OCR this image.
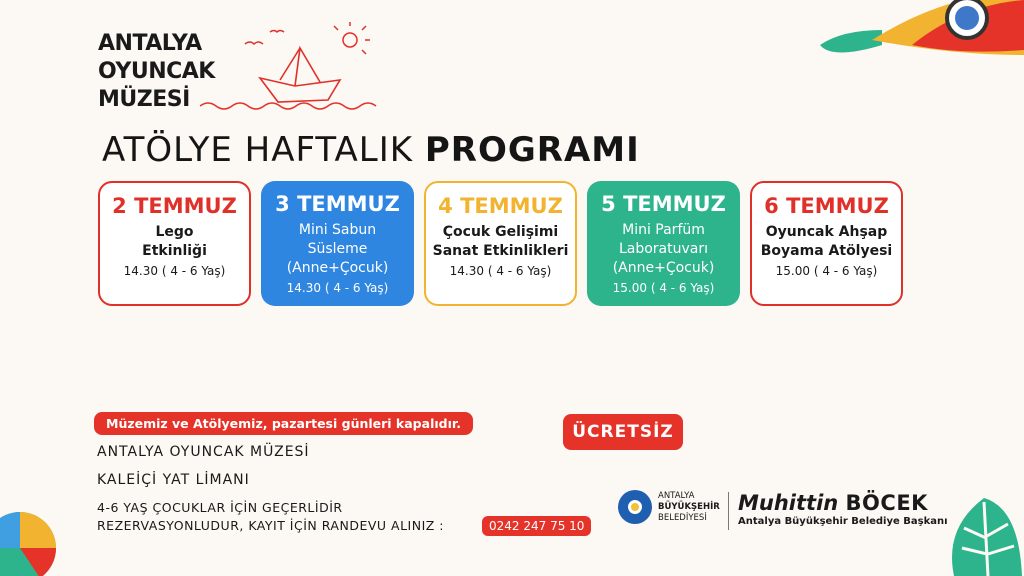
ANTALYA
OYUNCAK
MÜZESİ
ATÖLYE HAFTALIK PROGRAMI
2 TEMMUZ
Lego
Etkinliği
14.30 ( 4 - 6 Yaş)
3 TEMMUZ
Mini Sabun
Süsleme
(Anne+Çocuk)
14.30 ( 4 - 6 Yaş)
4 TEMMUZ
Çocuk Gelişimi
Sanat Etkinlikleri
14.30 ( 4 - 6 Yaş)
5 TEMMUZ
Mini Parfüm
Laboratuvarı
(Anne+Çocuk)
15.00 ( 4 - 6 Yaş)
6 TEMMUZ
Oyuncak Ahşap
Boyama Atölyesi
15.00 ( 4 - 6 Yaş)
Müzemiz ve Atölyemiz, pazartesi günleri kapalıdır.	ÜCRETSİZ
ANTALYA OYUNCAK MÜZESİ
KALEİÇİ YAT LİMANI
4-6 YAŞ ÇOCUKLAR İÇİN GEÇERLİDİR
REZERVASYONLUDUR, KAYIT İÇİN RANDEVU ALINIZ :	0242 247 75 10
ANTALYA
BÜYÜKŞEHİR
BELEDİYESİ
Muhittin BÖCEK
Antalya Büyükşehir Belediye Başkanı
